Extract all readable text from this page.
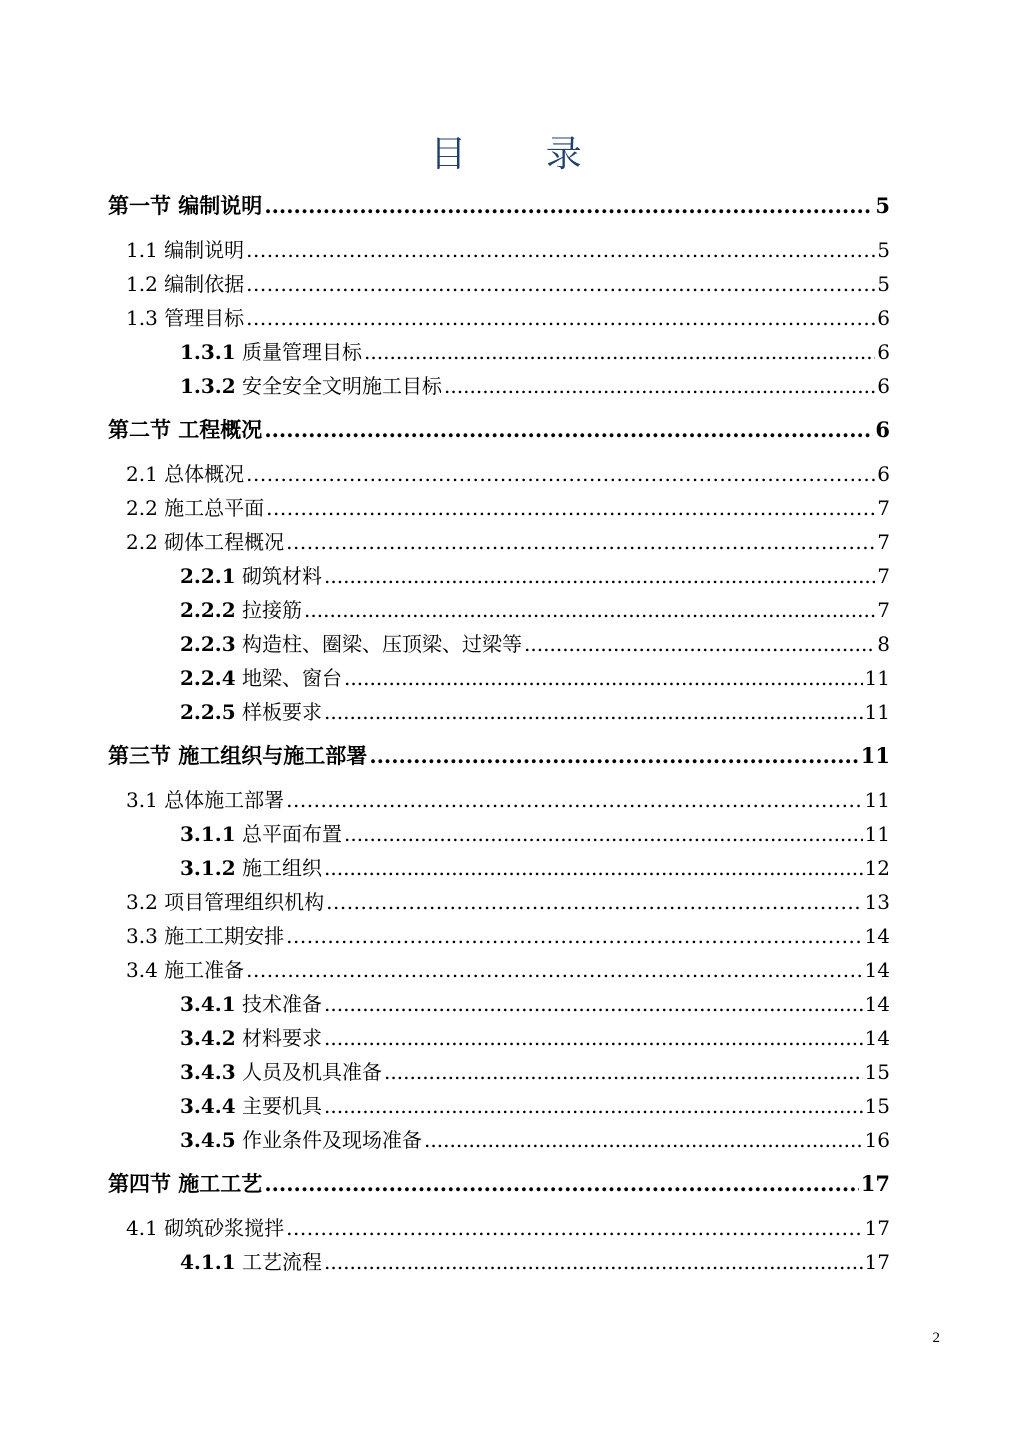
目 录
第一节 编制说明 .....	5
1.1 编制说明 .....	5
1.2 编制依据 .....	5
1.3 管理目标 .....	6
1.3.1 质量管理目标 .....	6
1.3.2 安全安全文明施工目标 .....	6
第二节 工程概况 .....	6
2.1 总体概况 .....	6
2.2 施工总平面 .....	7
2.2 砌体工程概况 .....	7
2.2.1 砌筑材料 .....	7
2.2.2 拉接筋 .....	7
2.2.3 构造柱、圈梁、压顶梁、过梁等 .....	8
2.2.4 地梁、窗台 .....	11
2.2.5 样板要求 .....	11
第三节 施工组织与施工部署 .....	11
3.1 总体施工部署 .....	11
3.1.1 总平面布置 .....	11
3.1.2 施工组织 .....	12
3.2 项目管理组织机构 .....	13
3.3 施工工期安排 .....	14
3.4 施工准备 .....	14
3.4.1 技术准备 .....	14
3.4.2 材料要求 .....	14
3.4.3 人员及机具准备 .....	15
3.4.4 主要机具 .....	15
3.4.5 作业条件及现场准备 .....	16
第四节 施工工艺 .....	17
4.1 砌筑砂浆搅拌 .....	17
4.1.1 工艺流程 .....	17
2
